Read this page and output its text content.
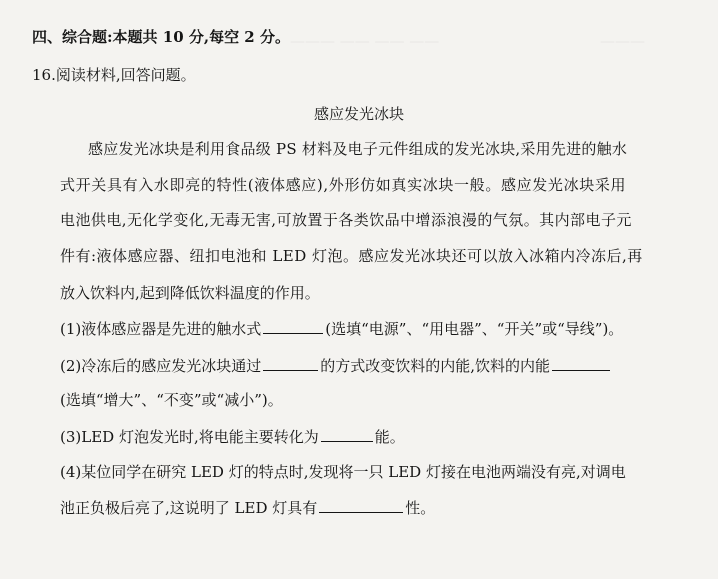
——— —— —— ——	———
四、综合题:本题共 10 分,每空 2 分。
16.阅读材料,回答问题。
感应发光冰块
感应发光冰块是利用食品级 PS 材料及电子元件组成的发光冰块,采用先进的触水
式开关具有入水即亮的特性(液体感应),外形仿如真实冰块一般。感应发光冰块采用
电池供电,无化学变化,无毒无害,可放置于各类饮品中增添浪漫的气氛。其内部电子元
件有:液体感应器、纽扣电池和 LED 灯泡。感应发光冰块还可以放入冰箱内冷冻后,再
放入饮料内,起到降低饮料温度的作用。
(1)液体感应器是先进的触水式	(选填“电源”、“用电器”、“开关”或“导线”)。
(2)冷冻后的感应发光冰块通过	的方式改变饮料的内能,饮料的内能
(选填“增大”、“不变”或“减小”)。
(3)LED 灯泡发光时,将电能主要转化为	能。
(4)某位同学在研究 LED 灯的特点时,发现将一只 LED 灯接在电池两端没有亮,对调电
池正负极后亮了,这说明了 LED 灯具有	性。
